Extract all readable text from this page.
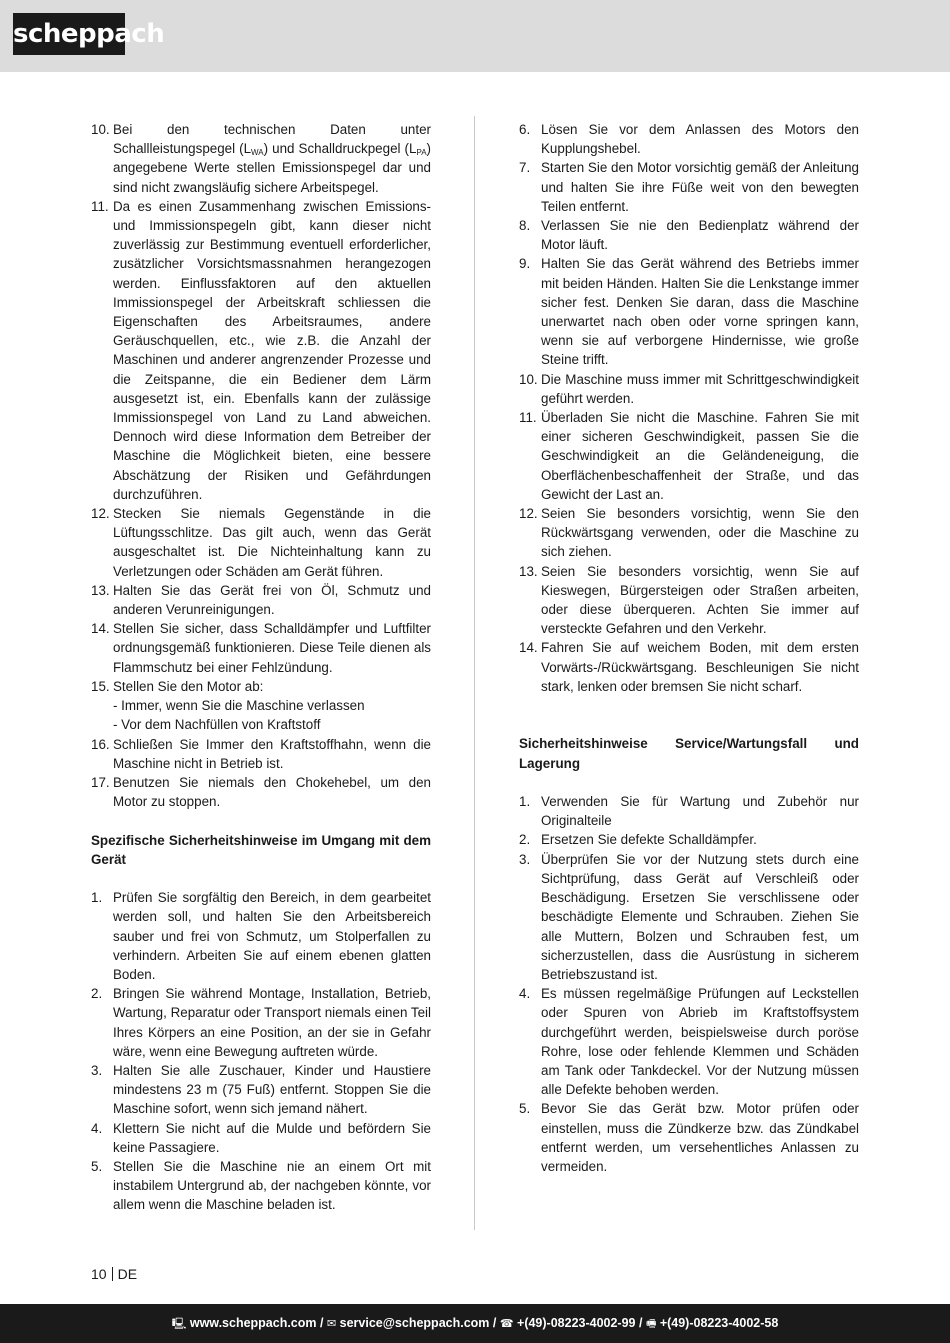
scheppach
10. Bei den technischen Daten unter Schallleistungspegel $(L_{WA})$ und Schalldruckpegel $(L_{PA})$ angegebene Werte stellen Emissionspegel dar und sind nicht zwangsläufig sichere Arbeitspegel.
11. Da es einen Zusammenhang zwischen Emissions- und Immissionspegeln gibt, kann dieser nicht zuverlässig zur Bestimmung eventuell erforderlicher, zusätzlicher Vorsichtsmassnahmen herangezogen werden. Einflussfaktoren auf den aktuellen Immissionspegel der Arbeitskraft schliessen die Eigenschaften des Arbeitsraumes, andere Geräuschquellen, etc., wie z.B. die Anzahl der Maschinen und anderer angrenzender Prozesse und die Zeitspanne, die ein Bediener dem Lärm ausgesetzt ist, ein. Ebenfalls kann der zulässige Immissionspegel von Land zu Land abweichen. Dennoch wird diese Information dem Betreiber der Maschine die Möglichkeit bieten, eine bessere Abschätzung der Risiken und Gefährdungen durchzuführen.
12. Stecken Sie niemals Gegenstände in die Lüftungsschlitze. Das gilt auch, wenn das Gerät ausgeschaltet ist. Die Nichteinhaltung kann zu Verletzungen oder Schäden am Gerät führen.
13. Halten Sie das Gerät frei von Öl, Schmutz und anderen Verunreinigungen.
14. Stellen Sie sicher, dass Schalldämpfer und Luftfilter ordnungsgemäß funktionieren. Diese Teile dienen als Flammschutz bei einer Fehlzündung.
15. Stellen Sie den Motor ab:
- Immer, wenn Sie die Maschine verlassen
- Vor dem Nachfüllen von Kraftstoff
16. Schließen Sie Immer den Kraftstoffhahn, wenn die Maschine nicht in Betrieb ist.
17. Benutzen Sie niemals den Chokehebel, um den Motor zu stoppen.
Spezifische Sicherheitshinweise im Umgang mit dem Gerät
1. Prüfen Sie sorgfältig den Bereich, in dem gearbeitet werden soll, und halten Sie den Arbeitsbereich sauber und frei von Schmutz, um Stolperfallen zu verhindern. Arbeiten Sie auf einem ebenen glatten Boden.
2. Bringen Sie während Montage, Installation, Betrieb, Wartung, Reparatur oder Transport niemals einen Teil Ihres Körpers an eine Position, an der sie in Gefahr wäre, wenn eine Bewegung auftreten würde.
3. Halten Sie alle Zuschauer, Kinder und Haustiere mindestens 23 m (75 Fuß) entfernt. Stoppen Sie die Maschine sofort, wenn sich jemand nähert.
4. Klettern Sie nicht auf die Mulde und befördern Sie keine Passagiere.
5. Stellen Sie die Maschine nie an einem Ort mit instabilem Untergrund ab, der nachgeben könnte, vor allem wenn die Maschine beladen ist.
6. Lösen Sie vor dem Anlassen des Motors den Kupplungshebel.
7. Starten Sie den Motor vorsichtig gemäß der Anleitung und halten Sie ihre Füße weit von den bewegten Teilen entfernt.
8. Verlassen Sie nie den Bedienplatz während der Motor läuft.
9. Halten Sie das Gerät während des Betriebs immer mit beiden Händen. Halten Sie die Lenkstange immer sicher fest. Denken Sie daran, dass die Maschine unerwartet nach oben oder vorne springen kann, wenn sie auf verborgene Hindernisse, wie große Steine trifft.
10. Die Maschine muss immer mit Schrittgeschwindigkeit geführt werden.
11. Überladen Sie nicht die Maschine. Fahren Sie mit einer sicheren Geschwindigkeit, passen Sie die Geschwindigkeit an die Geländeneigung, die Oberflächenbeschaffenheit der Straße, und das Gewicht der Last an.
12. Seien Sie besonders vorsichtig, wenn Sie den Rückwärtsgang verwenden, oder die Maschine zu sich ziehen.
13. Seien Sie besonders vorsichtig, wenn Sie auf Kieswegen, Bürgersteigen oder Straßen arbeiten, oder diese überqueren. Achten Sie immer auf versteckte Gefahren und den Verkehr.
14. Fahren Sie auf weichem Boden, mit dem ersten Vorwärts-/Rückwärtsgang. Beschleunigen Sie nicht stark, lenken oder bremsen Sie nicht scharf.
Sicherheitshinweise Service/Wartungsfall und Lagerung
1. Verwenden Sie für Wartung und Zubehör nur Originalteile
2. Ersetzen Sie defekte Schalldämpfer.
3. Überprüfen Sie vor der Nutzung stets durch eine Sichtprüfung, dass Gerät auf Verschleiß oder Beschädigung. Ersetzen Sie verschlissene oder beschädigte Elemente und Schrauben. Ziehen Sie alle Muttern, Bolzen und Schrauben fest, um sicherzustellen, dass die Ausrüstung in sicherem Betriebszustand ist.
4. Es müssen regelmäßige Prüfungen auf Leckstellen oder Spuren von Abrieb im Kraftstoffsystem durchgeführt werden, beispielsweise durch poröse Rohre, lose oder fehlende Klemmen und Schäden am Tank oder Tankdeckel. Vor der Nutzung müssen alle Defekte behoben werden.
5. Bevor Sie das Gerät bzw. Motor prüfen oder einstellen, muss die Zündkerze bzw. das Zündkabel entfernt werden, um versehentliches Anlassen zu vermeiden.
10 DE
🖳 www.scheppach.com / ✉ service@scheppach.com / ☎ +(49)-08223-4002-99 / 🖷 +(49)-08223-4002-58
